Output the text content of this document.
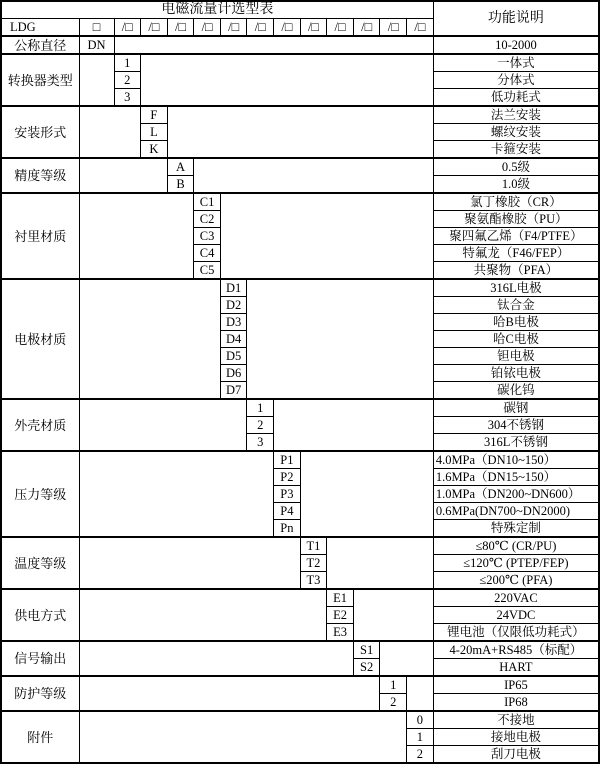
电磁流量计选型表														功能说明
LDG	□	/□	/□	/□	/□	/□	/□	/□	/□	/□	/□	/□	/□	
公称直径	DN													10-2000
转换器类型		1												一体式
		2												分体式
		3												低功耗式
安装形式			F											法兰安装
			L											螺纹安装
			K											卡箍安装
精度等级				A										0.5级
				B										1.0级
衬里材质					C1									氯丁橡胶（CR）
					C2									聚氨酯橡胶（PU）
					C3									聚四氟乙烯（F4/PTFE）
					C4									特氟龙（F46/FEP）
					C5									共聚物（PFA）
电极材质						D1								316L电极
						D2								钛合金
						D3								哈B电极
						D4								哈C电极
						D5								钽电极
						D6								铂铱电极
						D7								碳化钨
外壳材质							1							碳钢
							2							304不锈钢
							3							316L不锈钢
压力等级								P1						4.0MPa（DN10~150）
								P2						1.6MPa（DN15~150）
								P3						1.0MPa（DN200~DN600）
								P4						0.6MPa(DN700~DN2000)
								Pn						特殊定制
温度等级									T1					≤80℃ (CR/PU)
									T2					≤120℃ (PTEP/FEP)
									T3					≤200℃ (PFA)
供电方式										E1				220VAC
										E2				24VDC
										E3				锂电池（仅限低功耗式）
信号输出											S1			4-20mA+RS485（标配）
											S2			HART
防护等级												1		IP65
												2		IP68
附件													0	不接地
													1	接地电极
													2	刮刀电极
